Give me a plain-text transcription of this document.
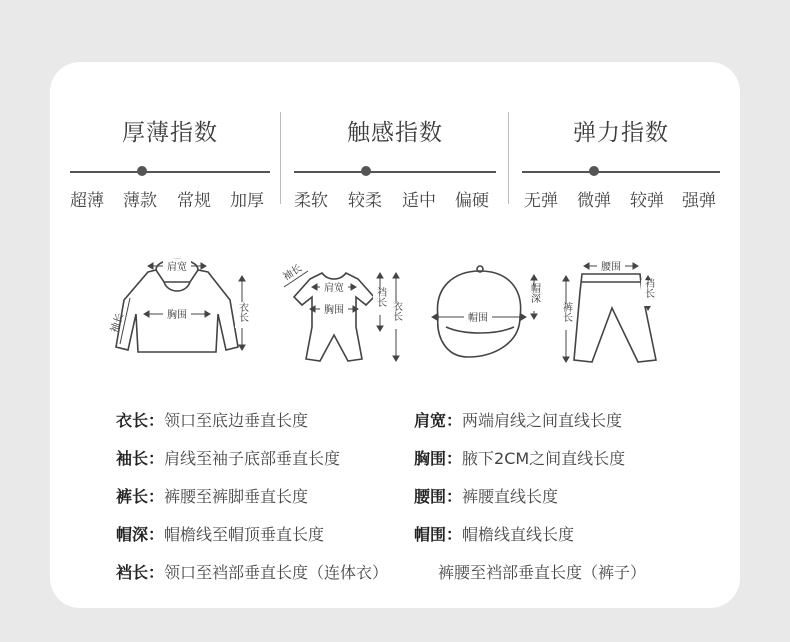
厚薄指数
超薄 薄款 常规 加厚
触感指数
柔软 较柔 适中 偏硬
弹力指数
无弹 微弹 较弹 强弹
肩宽
胸围	衣长
袖长
肩宽
胸围
裆长
衣长
袖长
帽围
帽深
腰围
裤长
裆长
衣长：领口至底边垂直长度	肩宽：两端肩线之间直线长度
袖长：肩线至袖子底部垂直长度	胸围：腋下2CM之间直线长度
裤长：裤腰至裤脚垂直长度	腰围：裤腰直线长度
帽深：帽檐线至帽顶垂直长度	帽围：帽檐线直线长度
裆长：领口至裆部垂直长度（连体衣）	裤腰至裆部垂直长度（裤子）
